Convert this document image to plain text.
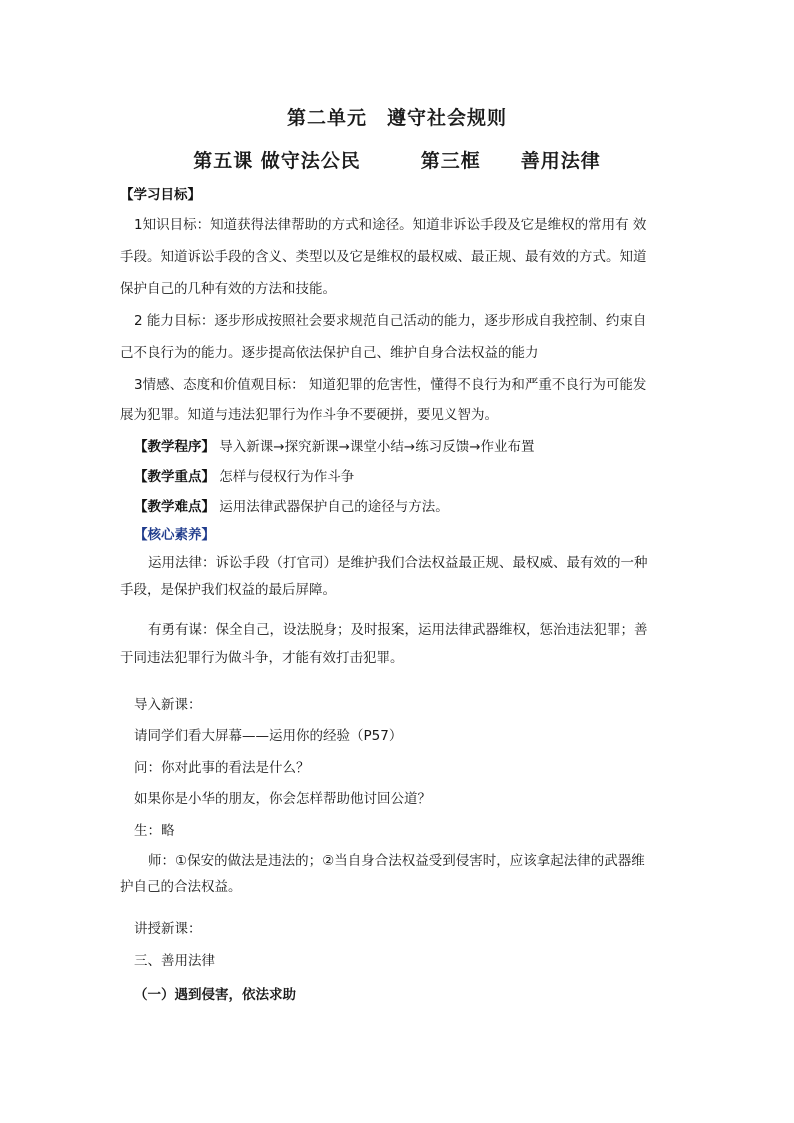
第二单元　遵守社会规则
第五课 做守法公民　　　第三框　　善用法律
【学习目标】
1知识目标：知道获得法律帮助的方式和途径。知道非诉讼手段及它是维权的常用有 效
手段。知道诉讼手段的含义、类型以及它是维权的最权威、最正规、最有效的方式。知道
保护自己的几种有效的方法和技能。
2 能力目标：逐步形成按照社会要求规范自己活动的能力，逐步形成自我控制、约束自
己不良行为的能力。逐步提高依法保护自己、维护自身合法权益的能力
3情感、态度和价值观目标： 知道犯罪的危害性，懂得不良行为和严重不良行为可能发
展为犯罪。知道与违法犯罪行为作斗争不要硬拼，要见义智为。
【教学程序】 导入新课→探究新课→课堂小结→练习反馈→作业布置
【教学重点】 怎样与侵权行为作斗争
【教学难点】 运用法律武器保护自己的途径与方法。
【核心素养】
运用法律：诉讼手段（打官司）是维护我们合法权益最正规、最权威、最有效的一种
手段，是保护我们权益的最后屏障。
有勇有谋：保全自己，设法脱身；及时报案，运用法律武器维权，惩治违法犯罪；善
于同违法犯罪行为做斗争，才能有效打击犯罪。
导入新课：
请同学们看大屏幕——运用你的经验（P57）
问：你对此事的看法是什么？
如果你是小华的朋友，你会怎样帮助他讨回公道？
生：略
师：①保安的做法是违法的；②当自身合法权益受到侵害时，应该拿起法律的武器维
护自己的合法权益。
讲授新课：
三、善用法律
（一）遇到侵害，依法求助
